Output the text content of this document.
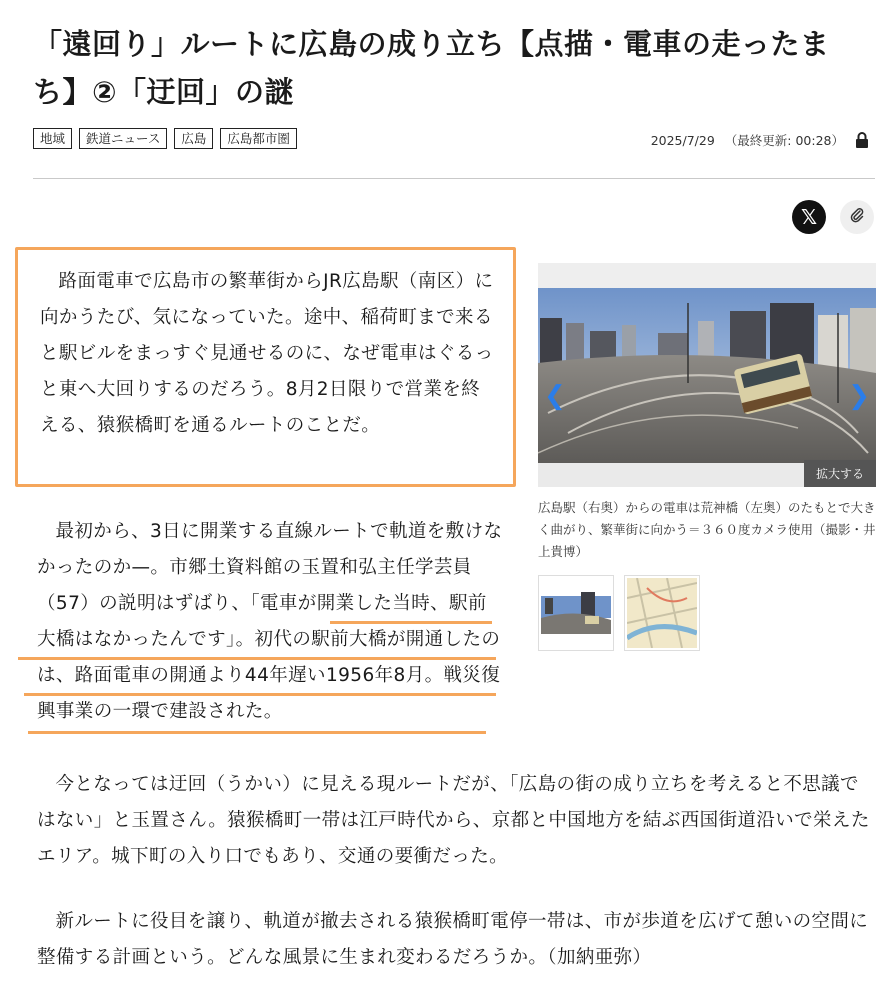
「遠回り」ルートに広島の成り立ち【点描・電車の走ったまち】②「迂回」の謎
地域	鉄道ニュース	広島	広島都市圏	2025/7/29 （最終更新: 00:28）
𝕏

路面電車で広島市の繁華街からJR広島駅（南区）に向かうたび、気になっていた。途中、稲荷町まで来ると駅ビルをまっすぐ見通せるのに、なぜ電車はぐるっと東へ大回りするのだろう。8月2日限りで営業を終える、猿猴橋町を通るルートのことだ。

❮	❯
拡大する

広島駅（右奥）からの電車は荒神橋（左奥）のたもとで大きく曲がり、繁華街に向かう＝３６０度カメラ使用（撮影・井上貴博）

最初から、3日に開業する直線ルートで軌道を敷けなかったのか—。市郷土資料館の玉置和弘主任学芸員（57）の説明はずばり、「電車が開業した当時、駅前大橋はなかったんです」。初代の駅前大橋が開通したのは、路面電車の開通より44年遅い1956年8月。戦災復興事業の一環で建設された。

今となっては迂回（うかい）に見える現ルートだが、「広島の街の成り立ちを考えると不思議ではない」と玉置さん。猿猴橋町一帯は江戸時代から、京都と中国地方を結ぶ西国街道沿いで栄えたエリア。城下町の入り口でもあり、交通の要衝だった。

新ルートに役目を譲り、軌道が撤去される猿猴橋町電停一帯は、市が歩道を広げて憩いの空間に整備する計画という。どんな風景に生まれ変わるだろうか。（加納亜弥）
